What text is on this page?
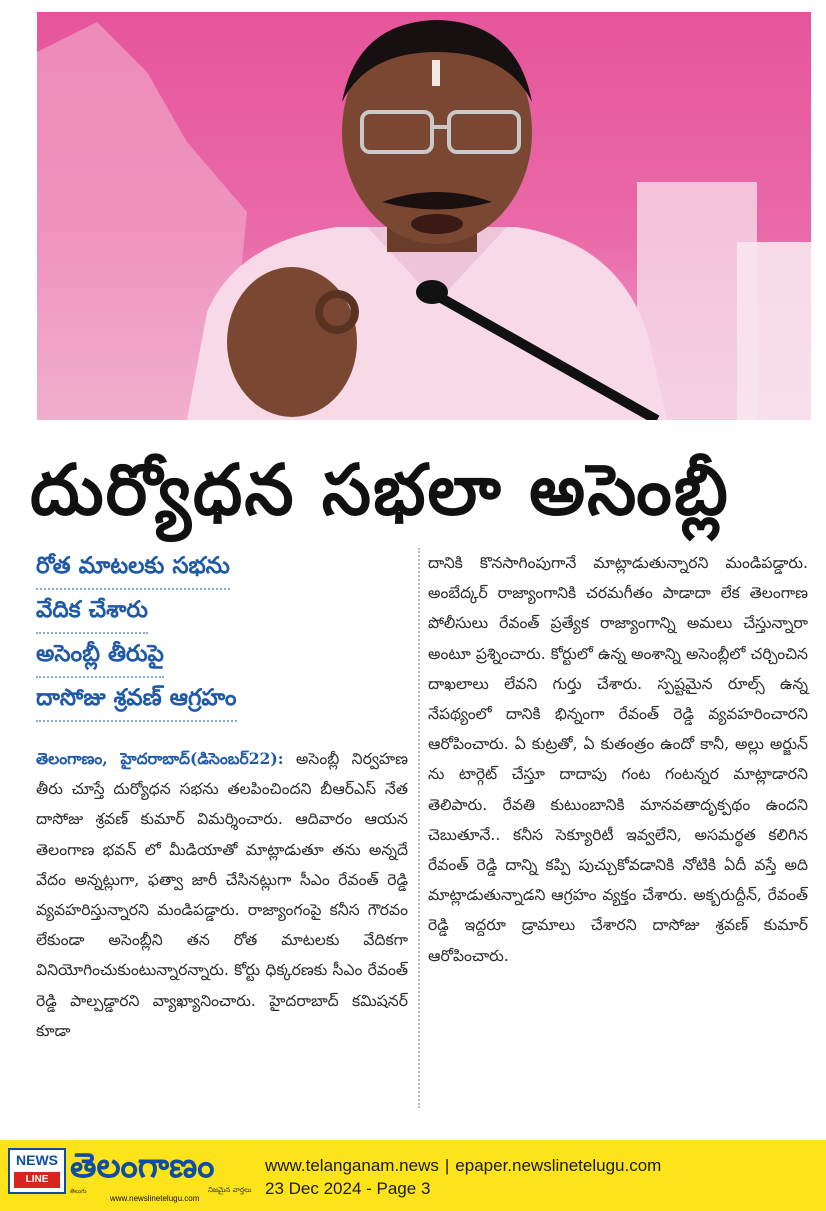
దుర్యోధన సభలా అసెంబ్లీ
రోత మాటలకు సభను
వేదిక చేశారు
అసెంబ్లీ తీరుపై
దాసోజు శ్రవణ్ ఆగ్రహం
తెలంగాణం, హైదరాబాద్(డిసెంబర్22): అసెంబ్లీ నిర్వహణ తీరు చూస్తే దుర్యోధన సభను తలపించిందని బీఆర్ఎస్ నేత దాసోజు శ్రవణ్ కుమార్ విమర్శించారు. ఆదివారం ఆయన తెలంగాణ భవన్ లో మీడియాతో మాట్లాడుతూ తను అన్నదే వేదం అన్నట్లుగా, ఫత్వా జారీ చేసినట్లుగా సీఎం రేవంత్ రెడ్డి వ్యవహరిస్తున్నారని మండిపడ్డారు. రాజ్యాంగంపై కనీస గౌరవం లేకుండా అసెంబ్లీని తన రోత మాటలకు వేదికగా వినియోగించుకుంటున్నారన్నారు. కోర్టు ధిక్కరణకు సీఎం రేవంత్ రెడ్డి పాల్పడ్డారని వ్యాఖ్యానించారు. హైదరాబాద్ కమిషనర్ కూడా
దానికి కొనసాగింపుగానే మాట్లాడుతున్నారని మండిపడ్డారు. అంబేద్కర్ రాజ్యాంగానికి చరమగీతం పాడాదా లేక తెలంగాణ పోలీసులు రేవంత్ ప్రత్యేక రాజ్యాంగాన్ని అమలు చేస్తున్నారా అంటూ ప్రశ్నించారు. కోర్టులో ఉన్న అంశాన్ని అసెంబ్లీలో చర్చించిన దాఖలాలు లేవని గుర్తు చేశారు. స్పష్టమైన రూల్స్ ఉన్న నేపథ్యంలో దానికి భిన్నంగా రేవంత్ రెడ్డి వ్యవహరించారని ఆరోపించారు. ఏ కుట్రతో, ఏ కుతంత్రం ఉందో కానీ, అల్లు అర్జున్ ను టార్గెట్ చేస్తూ దాదాపు గంట గంటన్నర మాట్లాడారని తెలిపారు. రేవతి కుటుంబానికి మానవతాదృక్పథం ఉందని చెబుతూనే.. కనీస సెక్యూరిటీ ఇవ్వలేని, అసమర్థత కలిగిన రేవంత్ రెడ్డి దాన్ని కప్పి పుచ్చుకోవడానికి నోటికి ఏదీ వస్తే అది మాట్లాడుతున్నాడని ఆగ్రహం వ్యక్తం చేశారు. అక్బరుద్దీన్, రేవంత్ రెడ్డి ఇద్దరూ డ్రామాలు చేశారని దాసోజు శ్రవణ్ కుమార్ ఆరోపించారు.
NEWS
LINE తెలంగాణం
తెలుగు	నిజమైన వార్తలు
www.newslinetelugu.com
www.telanganam.news | epaper.newslinetelugu.com
23 Dec 2024 - Page 3
